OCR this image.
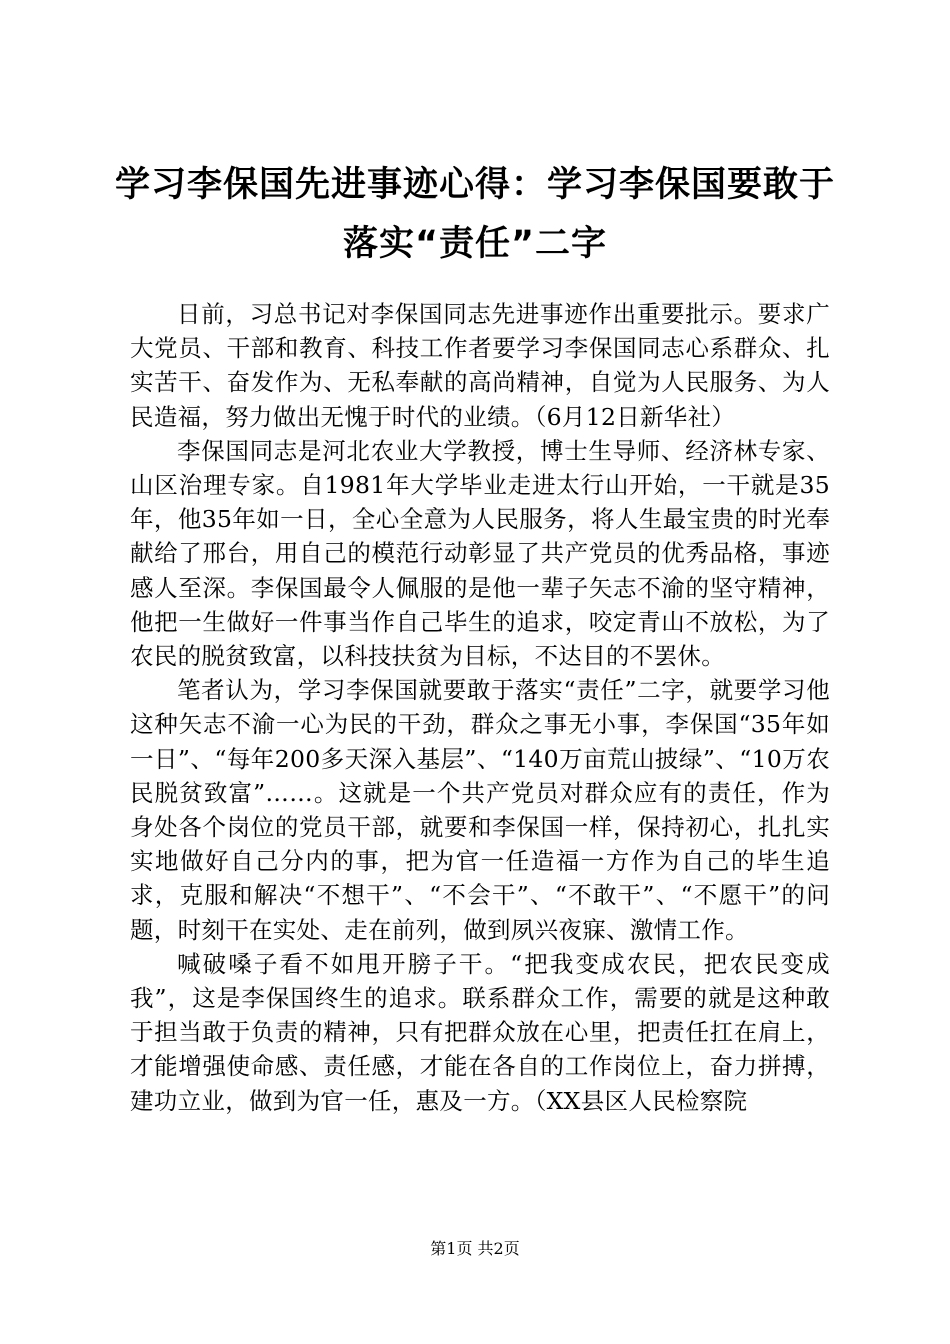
学习李保国先进事迹心得：学习李保国要敢于
落实“责任”二字

日前，习总书记对李保国同志先进事迹作出重要批示。要求广大党员、干部和教育、科技工作者要学习李保国同志心系群众、扎实苦干、奋发作为、无私奉献的高尚精神，自觉为人民服务、为人民造福，努力做出无愧于时代的业绩。（6月12日新华社）

李保国同志是河北农业大学教授，博士生导师、经济林专家、山区治理专家。自1981年大学毕业走进太行山开始，一干就是35年，他35年如一日，全心全意为人民服务，将人生最宝贵的时光奉献给了邢台，用自己的模范行动彰显了共产党员的优秀品格，事迹感人至深。李保国最令人佩服的是他一辈子矢志不渝的坚守精神，他把一生做好一件事当作自己毕生的追求，咬定青山不放松，为了农民的脱贫致富，以科技扶贫为目标，不达目的不罢休。

笔者认为，学习李保国就要敢于落实“责任”二字，就要学习他这种矢志不渝一心为民的干劲，群众之事无小事，李保国“35年如一日”、“每年200多天深入基层”、“140万亩荒山披绿”、“10万农民脱贫致富”……。这就是一个共产党员对群众应有的责任，作为身处各个岗位的党员干部，就要和李保国一样，保持初心，扎扎实实地做好自己分内的事，把为官一任造福一方作为自己的毕生追求，克服和解决“不想干”、“不会干”、“不敢干”、“不愿干”的问题，时刻干在实处、走在前列，做到夙兴夜寐、激情工作。

喊破嗓子看不如甩开膀子干。“把我变成农民，把农民变成我”，这是李保国终生的追求。联系群众工作，需要的就是这种敢于担当敢于负责的精神，只有把群众放在心里，把责任扛在肩上，才能增强使命感、责任感，才能在各自的工作岗位上，奋力拼搏，建功立业，做到为官一任，惠及一方。（XX县区人民检察院

第1页 共2页
